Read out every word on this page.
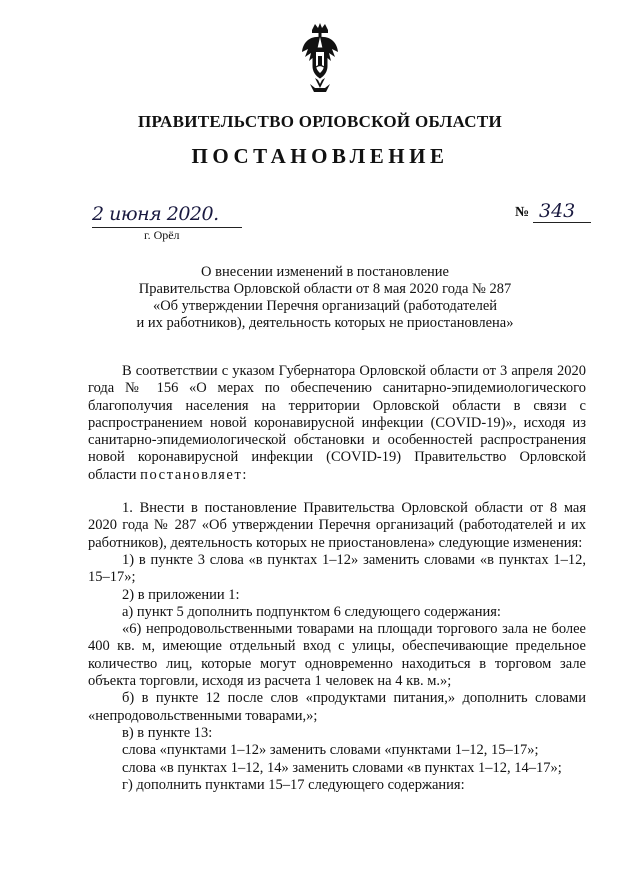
ПРАВИТЕЛЬСТВО ОРЛОВСКОЙ ОБЛАСТИ
ПОСТАНОВЛЕНИЕ
2 июня 2020.
г. Орёл
№ 343
О внесении изменений в постановление
Правительства Орловской области от 8 мая 2020 года № 287
«Об утверждении Перечня организаций (работодателей
и их работников), деятельность которых не приостановлена»

В соответствии с указом Губернатора Орловской области от 3 апреля 2020 года № 156 «О мерах по обеспечению санитарно-эпидемиологического благополучия населения на территории Орловской области в связи с распространением новой коронавирусной инфекции (COVID-19)», исходя из санитарно-эпидемиологической обстановки и особенностей распространения новой коронавирусной инфекции (COVID-19) Правительство Орловской области постановляет:

1. Внести в постановление Правительства Орловской области от 8 мая 2020 года № 287 «Об утверждении Перечня организаций (работодателей и их работников), деятельность которых не приостановлена» следующие изменения:

1) в пункте 3 слова «в пунктах 1–12» заменить словами «в пунктах 1–12, 15–17»;

2) в приложении 1:

а) пункт 5 дополнить подпунктом 6 следующего содержания:

«6) непродовольственными товарами на площади торгового зала не более 400 кв. м, имеющие отдельный вход с улицы, обеспечивающие предельное количество лиц, которые могут одновременно находиться в торговом зале объекта торговли, исходя из расчета 1 человек на 4 кв. м.»;

б) в пункте 12 после слов «продуктами питания,» дополнить словами «непродовольственными товарами,»;

в) в пункте 13:

слова «пунктами 1–12» заменить словами «пунктами 1–12, 15–17»;

слова «в пунктах 1–12, 14» заменить словами «в пунктах 1–12, 14–17»;

г) дополнить пунктами 15–17 следующего содержания:
